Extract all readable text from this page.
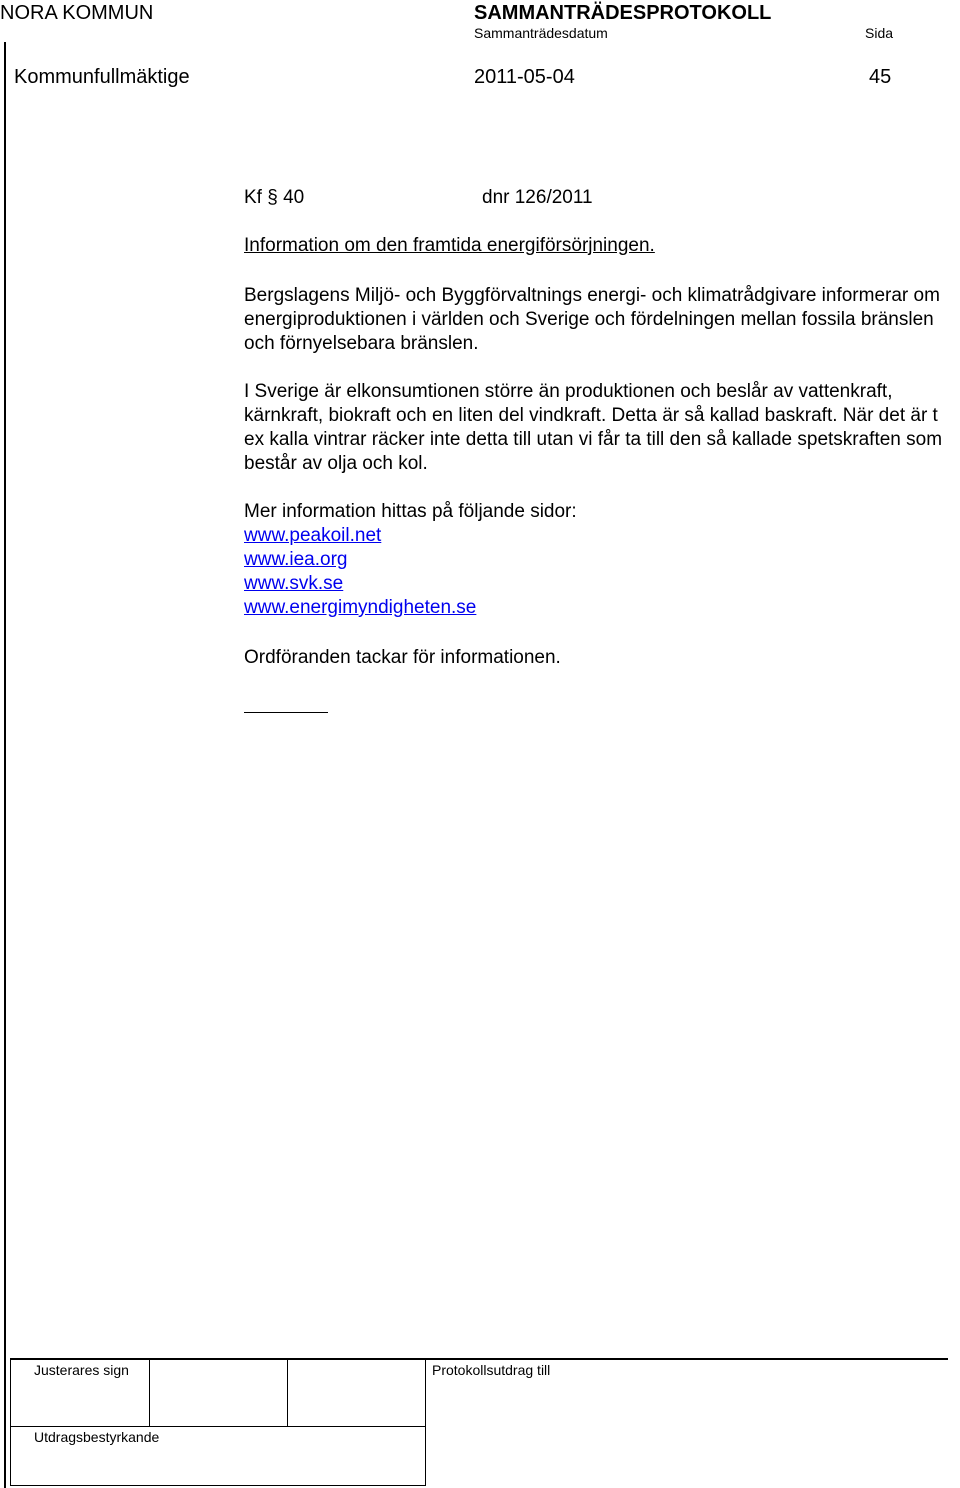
NORA KOMMUN	SAMMANTRÄDESPROTOKOLL
Sammanträdesdatum	Sida
Kommunfullmäktige	2011-05-04	45
Kf § 40	dnr 126/2011
Information om den framtida energiförsörjningen.
Bergslagens Miljö- och Byggförvaltnings energi- och klimatrådgivare informerar om energiproduktionen i världen och Sverige och fördelningen mellan fossila bränslen och förnyelsebara bränslen.
I Sverige är elkonsumtionen större än produktionen och beslår av vattenkraft, kärnkraft, biokraft och en liten del vindkraft. Detta är så kallad baskraft. När det är t ex kalla vintrar räcker inte detta till utan vi får ta till den så kallade spetskraften som består av olja och kol.
Mer information hittas på följande sidor:
www.peakoil.net
www.iea.org
www.svk.se
www.energimyndigheten.se
Ordföranden tackar för informationen.
Justerares sign	Protokollsutdrag till
Utdragsbestyrkande
